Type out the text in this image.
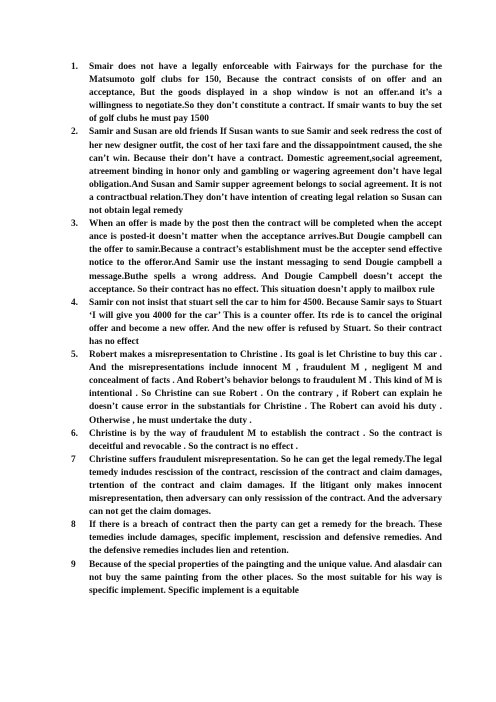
1. Smair does not have a legally enforceable with Fairways for the purchase for the Matsumoto golf clubs for 150, Because the contract consists of on offer and an acceptance, But the goods displayed in a shop window is not an offer.and it’s a willingness to negotiate.So they don’t constitute a contract. If smair wants to buy the set of golf clubs he must pay 1500
2. Samir and Susan are old friends If Susan wants to sue Samir and seek redress the cost of her new designer outfit, the cost of her taxi fare and the dissappointment caused, the she can’t win. Because their don’t have a contract. Domestic agreement,social agreement, atreement binding in honor only and gambling or wagering agreement don’t have legal obligation.And Susan and Samir supper agreement belongs to social agreement. It is not a contractbual relation.They don’t have intention of creating legal relation so Susan can not obtain legal remedy
3. When an offer is made by the post then the contract will be completed when the accept ance is posted-it doesn’t matter when the acceptance arrives.But Dougie campbell can the offer to samir.Because a contract’s establishment must be the accepter send effective notice to the offeror.And Samir use the instant messaging to send Dougie campbell a message.Buthe spells a wrong address. And Dougie Campbell doesn’t accept the acceptance. So their contract has no effect. This situation doesn’t apply to mailbox rule
4. Samir con not insist that stuart sell the car to him for 4500. Because Samir says to Stuart ‘I will give you 4000 for the car’ This is a counter offer. Its rde is to cancel the original offer and become a new offer. And the new offer is refused by Stuart. So their contract has no effect
5. Robert makes a misrepresentation to Christine . Its goal is let Christine to buy this car . And the misrepresentations include innocent M , fraudulent M , negligent M and concealment of facts . And Robert’s behavior belongs to fraudulent M . This kind of M is intentional . So Christine can sue Robert . On the contrary , if Robert can explain he doesn’t cause error in the substantials for Christine . The Robert can avoid his duty . Otherwise , he must undertake the duty .
6. Christine is by the way of fraudulent M to establish the contract . So the contract is deceitful and revocable . So the contract is no effect .
7 Christine suffers fraudulent misrepresentation. So he can get the legal remedy.The legal temedy indudes rescission of the contract, rescission of the contract and claim damages, trtention of the contract and claim damages. If the litigant only makes innocent misrepresentation, then adversary can only ressission of the contract. And the adversary can not get the claim domages.
8 If there is a breach of contract then the party can get a remedy for the breach. These temedies include damages, specific implement, rescission and defensive remedies. And the defensive remedies includes lien and retention.
9 Because of the special properties of the paingting and the unique value. And alasdair can not buy the same painting from the other places. So the most suitable for his way is specific implement. Specific implement is a equitable
